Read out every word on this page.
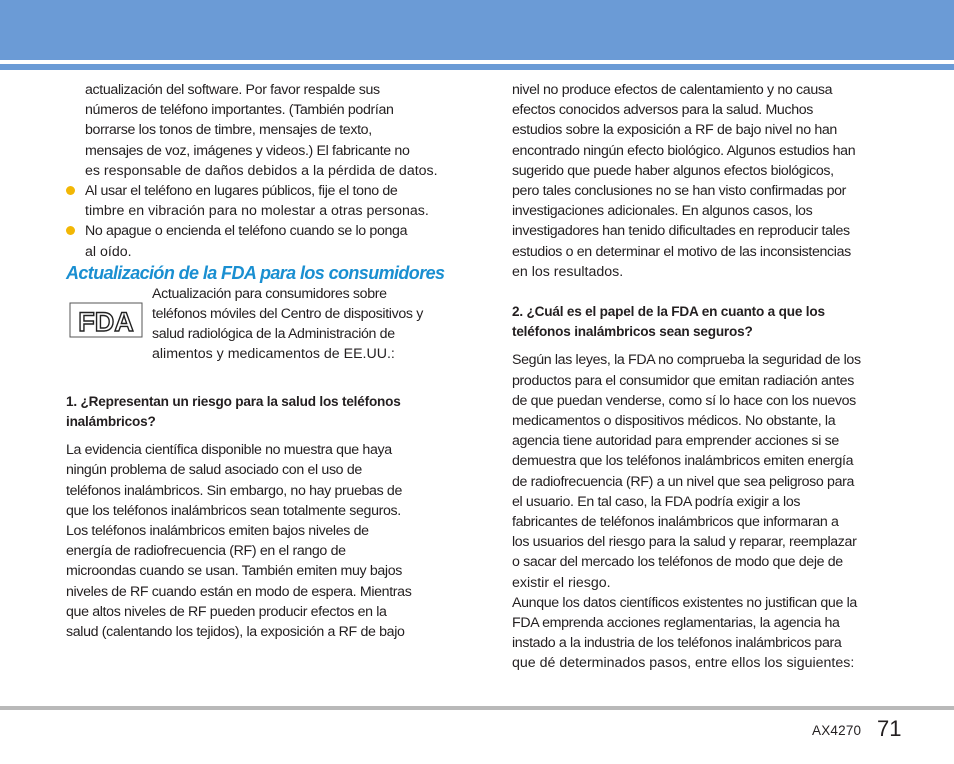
actualización del software. Por favor respalde sus

números de teléfono importantes. (También podrían

borrarse los tonos de timbre, mensajes de texto,

mensajes de voz, imágenes y videos.) El fabricante no

es responsable de daños debidos a la pérdida de datos.

Al usar el teléfono en lugares públicos, fije el tono de

timbre en vibración para no molestar a otras personas.

No apague o encienda el teléfono cuando se lo ponga

al oído.

Actualización de la FDA para los consumidores

FDA

Actualización para consumidores sobre

teléfonos móviles del Centro de dispositivos y

salud radiológica de la Administración de

alimentos y medicamentos de EE.UU.:

1. ¿Representan un riesgo para la salud los teléfonos

inalámbricos?

La evidencia científica disponible no muestra que haya

ningún problema de salud asociado con el uso de

teléfonos inalámbricos. Sin embargo, no hay pruebas de

que los teléfonos inalámbricos sean totalmente seguros.

Los teléfonos inalámbricos emiten bajos niveles de

energía de radiofrecuencia (RF) en el rango de

microondas cuando se usan. También emiten muy bajos

niveles de RF cuando están en modo de espera. Mientras

que altos niveles de RF pueden producir efectos en la

salud (calentando los tejidos), la exposición a RF de bajo

nivel no produce efectos de calentamiento y no causa

efectos conocidos adversos para la salud. Muchos

estudios sobre la exposición a RF de bajo nivel no han

encontrado ningún efecto biológico. Algunos estudios han

sugerido que puede haber algunos efectos biológicos,

pero tales conclusiones no se han visto confirmadas por

investigaciones adicionales. En algunos casos, los

investigadores han tenido dificultades en reproducir tales

estudios o en determinar el motivo de las inconsistencias

en los resultados.

2. ¿Cuál es el papel de la FDA en cuanto a que los

teléfonos inalámbricos sean seguros?

Según las leyes, la FDA no comprueba la seguridad de los

productos para el consumidor que emitan radiación antes

de que puedan venderse, como sí lo hace con los nuevos

medicamentos o dispositivos médicos. No obstante, la

agencia tiene autoridad para emprender acciones si se

demuestra que los teléfonos inalámbricos emiten energía

de radiofrecuencia (RF) a un nivel que sea peligroso para

el usuario. En tal caso, la FDA podría exigir a los

fabricantes de teléfonos inalámbricos que informaran a

los usuarios del riesgo para la salud y reparar, reemplazar

o sacar del mercado los teléfonos de modo que deje de

existir el riesgo.

Aunque los datos científicos existentes no justifican que la

FDA emprenda acciones reglamentarias, la agencia ha

instado a la industria de los teléfonos inalámbricos para

que dé determinados pasos, entre ellos los siguientes:

AX4270 71
